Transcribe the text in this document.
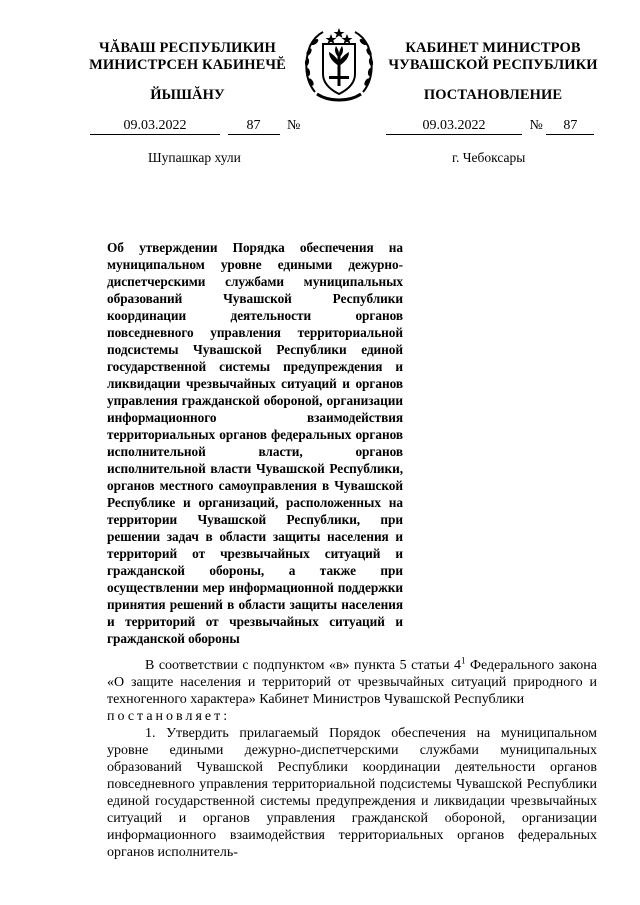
ЧĂВАШ РЕСПУБЛИКИН
МИНИСТРСЕН КАБИНЕЧĔ
ЙЫШĂНУ
КАБИНЕТ МИНИСТРОВ
ЧУВАШСКОЙ РЕСПУБЛИКИ
ПОСТАНОВЛЕНИЕ
09.03.2022	87 №
Шупашкар хули
09.03.2022	№ 87
г. Чебоксары
Об утверждении Порядка обеспечения на муниципальном уровне едиными дежурно-диспетчерскими службами муниципальных образований Чувашской Республики координации деятельности органов повседневного управления территориальной подсистемы Чувашской Республики единой государственной системы предупреждения и ликвидации чрезвычайных ситуаций и органов управления гражданской обороной, организации информационного взаимодействия территориальных органов федеральных органов исполнительной власти, органов исполнительной власти Чувашской Республики, органов местного самоуправления в Чувашской Республике и организаций, расположенных на территории Чувашской Республики, при решении задач в области защиты населения и территорий от чрезвычайных ситуаций и гражданской обороны, а также при осуществлении мер информационной поддержки принятия решений в области защиты населения и территорий от чрезвычайных ситуаций и гражданской обороны

В соответствии с подпунктом «в» пункта 5 статьи $4^1$ Федерального закона «О защите населения и территорий от чрезвычайных ситуаций природного и техногенного характера» Кабинет Министров Чувашской Республики

постановляет:

1. Утвердить прилагаемый Порядок обеспечения на муниципальном уровне едиными дежурно-диспетчерскими службами муниципальных образований Чувашской Республики координации деятельности органов повседневного управления территориальной подсистемы Чувашской Республики единой государственной системы предупреждения и ликвидации чрезвычайных ситуаций и органов управления гражданской обороной, организации информационного взаимодействия территориальных органов федеральных органов исполнитель-
